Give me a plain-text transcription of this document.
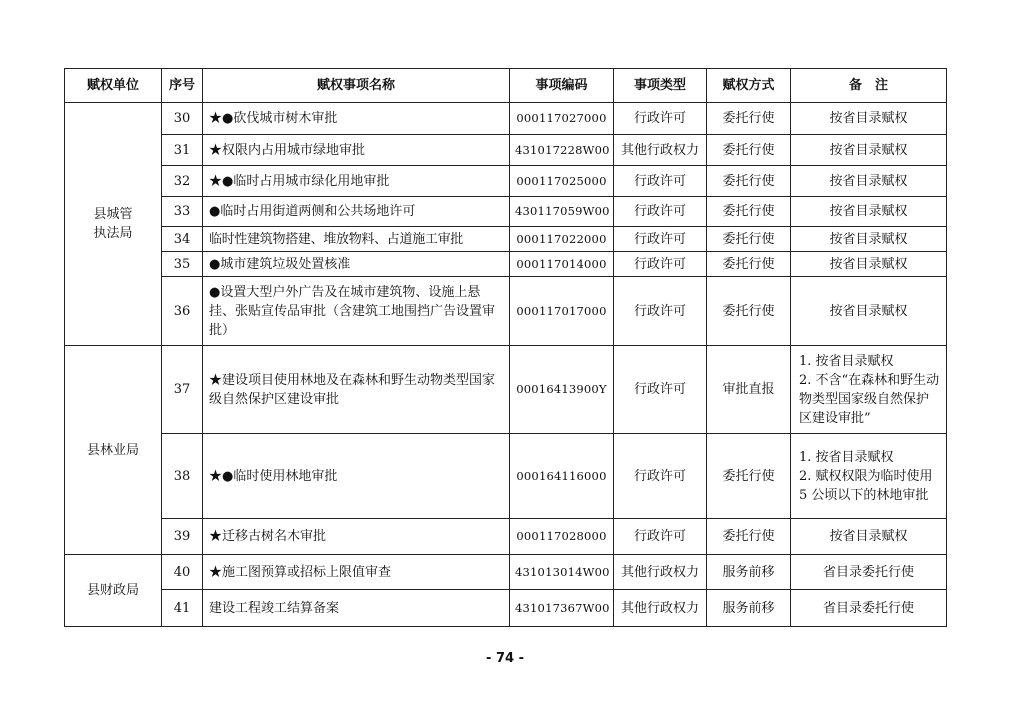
赋权单位	序号	赋权事项名称	事项编码	事项类型	赋权方式	备　注
县城管
执法局	30	★●砍伐城市树木审批	000117027000	行政许可	委托行使	按省目录赋权
	31	★权限内占用城市绿地审批	431017228W00	其他行政权力	委托行使	按省目录赋权
	32	★●临时占用城市绿化用地审批	000117025000	行政许可	委托行使	按省目录赋权
	33	●临时占用街道两侧和公共场地许可	430117059W00	行政许可	委托行使	按省目录赋权
	34	临时性建筑物搭建、堆放物料、占道施工审批	000117022000	行政许可	委托行使	按省目录赋权
	35	●城市建筑垃圾处置核准	000117014000	行政许可	委托行使	按省目录赋权
	36	●设置大型户外广告及在城市建筑物、设施上悬挂、张贴宣传品审批（含建筑工地围挡广告设置审批）	000117017000	行政许可	委托行使	按省目录赋权
县林业局	37	★建设项目使用林地及在森林和野生动物类型国家级自然保护区建设审批	00016413900Y	行政许可	审批直报	1. 按省目录赋权
2. 不含“在森林和野生动物类型国家级自然保护区建设审批”

	38	★●临时使用林地审批	000164116000	行政许可	委托行使	1. 按省目录赋权
2. 赋权权限为临时使用 5 公顷以下的林地审批

	39	★迁移古树名木审批	000117028000	行政许可	委托行使	按省目录赋权
县财政局	40	★施工图预算或招标上限值审查	431013014W00	其他行政权力	服务前移	省目录委托行使
	41	建设工程竣工结算备案	431017367W00	其他行政权力	服务前移	省目录委托行使
- 74 -
